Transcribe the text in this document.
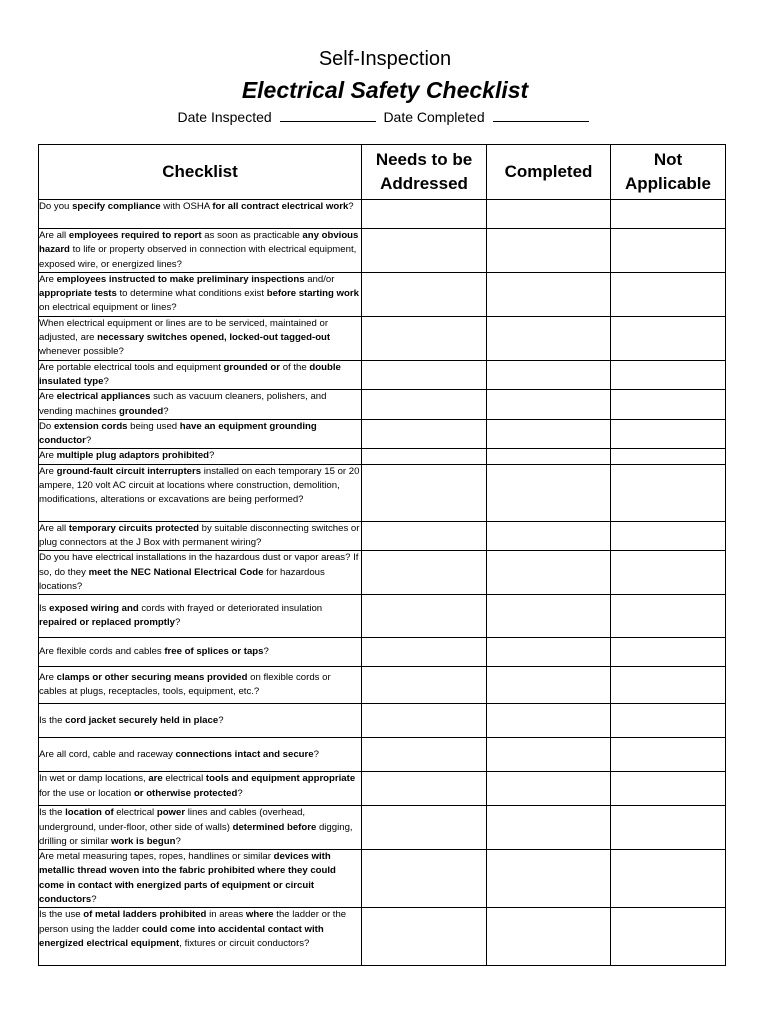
Self-Inspection
Electrical Safety Checklist
Date Inspected	Date Completed
Checklist	Needs to be Addressed	Completed	Not Applicable
Do you specify compliance with OSHA for all contract electrical work?			
Are all employees required to report as soon as practicable any obvious hazard to life or property observed in connection with electrical equipment, exposed wire, or energized lines?			
Are employees instructed to make preliminary inspections and/or appropriate tests to determine what conditions exist before starting work on electrical equipment or lines?			
When electrical equipment or lines are to be serviced, maintained or adjusted, are necessary switches opened, locked-out tagged-out whenever possible?			
Are portable electrical tools and equipment grounded or of the double insulated type?			
Are electrical appliances such as vacuum cleaners, polishers, and vending machines grounded?			
Do extension cords being used have an equipment grounding conductor?			
Are multiple plug adaptors prohibited?			
Are ground-fault circuit interrupters installed on each temporary 15 or 20 ampere, 120 volt AC circuit at locations where construction, demolition, modifications, alterations or excavations are being performed?			
Are all temporary circuits protected by suitable disconnecting switches or plug connectors at the J Box with permanent wiring?			
Do you have electrical installations in the hazardous dust or vapor areas? If so, do they meet the NEC National Electrical Code for hazardous locations?			
Is exposed wiring and cords with frayed or deteriorated insulation repaired or replaced promptly?			
Are flexible cords and cables free of splices or taps?			
Are clamps or other securing means provided on flexible cords or cables at plugs, receptacles, tools, equipment, etc.?			
Is the cord jacket securely held in place?			
Are all cord, cable and raceway connections intact and secure?			
In wet or damp locations, are electrical tools and equipment appropriate for the use or location or otherwise protected?			
Is the location of electrical power lines and cables (overhead, underground, under-floor, other side of walls) determined before digging, drilling or similar work is begun?			
Are metal measuring tapes, ropes, handlines or similar devices with metallic thread woven into the fabric prohibited where they could come in contact with energized parts of equipment or circuit conductors?			
Is the use of metal ladders prohibited in areas where the ladder or the person using the ladder could come into accidental contact with energized electrical equipment, fixtures or circuit conductors?			
